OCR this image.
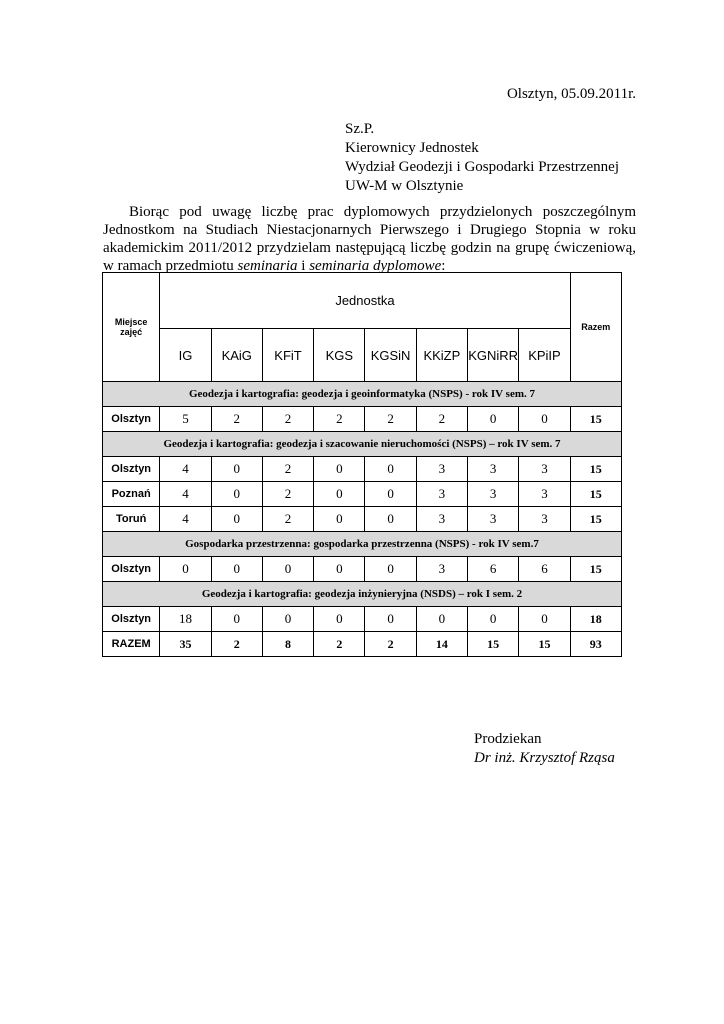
Olsztyn, 05.09.2011r.
Sz.P.
Kierownicy Jednostek
Wydział Geodezji i Gospodarki Przestrzennej
UW-M w Olsztynie
Biorąc pod uwagę liczbę prac dyplomowych przydzielonych poszczególnym Jednostkom na Studiach Niestacjonarnych Pierwszego i Drugiego Stopnia w roku akademickim 2011/2012 przydzielam następującą liczbę godzin na grupę ćwiczeniową, w ramach przedmiotu seminaria i seminaria dyplomowe:
Miejsce zajęć	Jednostka								Razem
	IG	KAiG	KFiT	KGS	KGSiN	KKiZP	KGNiRR	KPiIP	
Geodezja i kartografia: geodezja i geoinformatyka (NSPS) - rok IV sem. 7									
Olsztyn	5	2	2	2	2	2	0	0	15
Geodezja i kartografia: geodezja i szacowanie nieruchomości (NSPS) – rok IV sem. 7									
Olsztyn	4	0	2	0	0	3	3	3	15
Poznań	4	0	2	0	0	3	3	3	15
Toruń	4	0	2	0	0	3	3	3	15
Gospodarka przestrzenna: gospodarka przestrzenna (NSPS) - rok IV sem.7									
Olsztyn	0	0	0	0	0	3	6	6	15
Geodezja i kartografia: geodezja inżynieryjna (NSDS) – rok I sem. 2									
Olsztyn	18	0	0	0	0	0	0	0	18
RAZEM	35	2	8	2	2	14	15	15	93
Prodziekan
Dr inż. Krzysztof Rząsa
